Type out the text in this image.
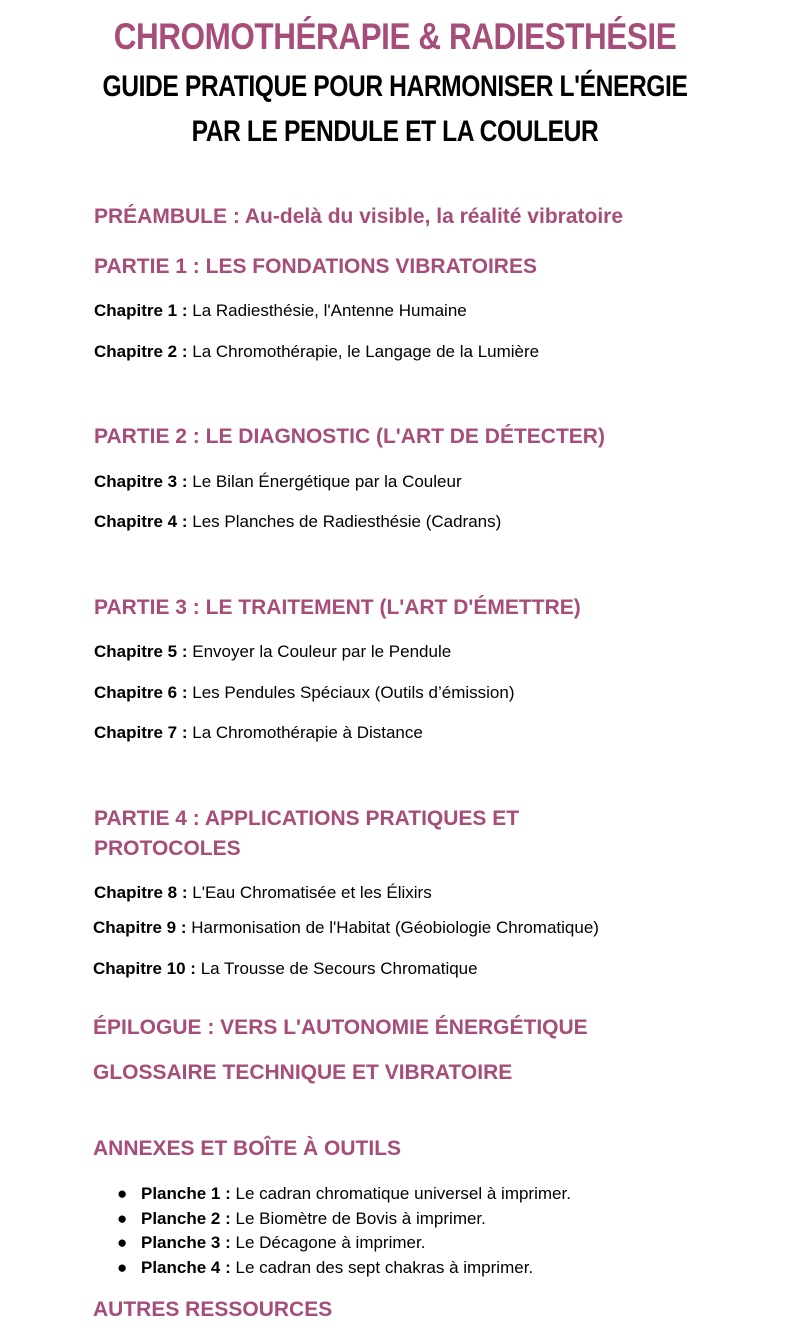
CHROMOTHÉRAPIE & RADIESTHÉSIE
GUIDE PRATIQUE POUR HARMONISER L'ÉNERGIE
PAR LE PENDULE ET LA COULEUR
PRÉAMBULE : Au-delà du visible, la réalité vibratoire
PARTIE 1 : LES FONDATIONS VIBRATOIRES
Chapitre 1 : La Radiesthésie, l'Antenne Humaine
Chapitre 2 : La Chromothérapie, le Langage de la Lumière
PARTIE 2 : LE DIAGNOSTIC (L'ART DE DÉTECTER)
Chapitre 3 : Le Bilan Énergétique par la Couleur
Chapitre 4 : Les Planches de Radiesthésie (Cadrans)
PARTIE 3 : LE TRAITEMENT (L'ART D'ÉMETTRE)
Chapitre 5 : Envoyer la Couleur par le Pendule
Chapitre 6 : Les Pendules Spéciaux (Outils d’émission)
Chapitre 7 : La Chromothérapie à Distance
PARTIE 4 : APPLICATIONS PRATIQUES ET PROTOCOLES
Chapitre 8 : L'Eau Chromatisée et les Élixirs
Chapitre 9 : Harmonisation de l'Habitat (Géobiologie Chromatique)
Chapitre 10 : La Trousse de Secours Chromatique
ÉPILOGUE : VERS L'AUTONOMIE ÉNERGÉTIQUE
GLOSSAIRE TECHNIQUE ET VIBRATOIRE
ANNEXES ET BOÎTE À OUTILS
● Planche 1 : Le cadran chromatique universel à imprimer.
● Planche 2 : Le Biomètre de Bovis à imprimer.
● Planche 3 : Le Décagone à imprimer.
● Planche 4 : Le cadran des sept chakras à imprimer.
AUTRES RESSOURCES
